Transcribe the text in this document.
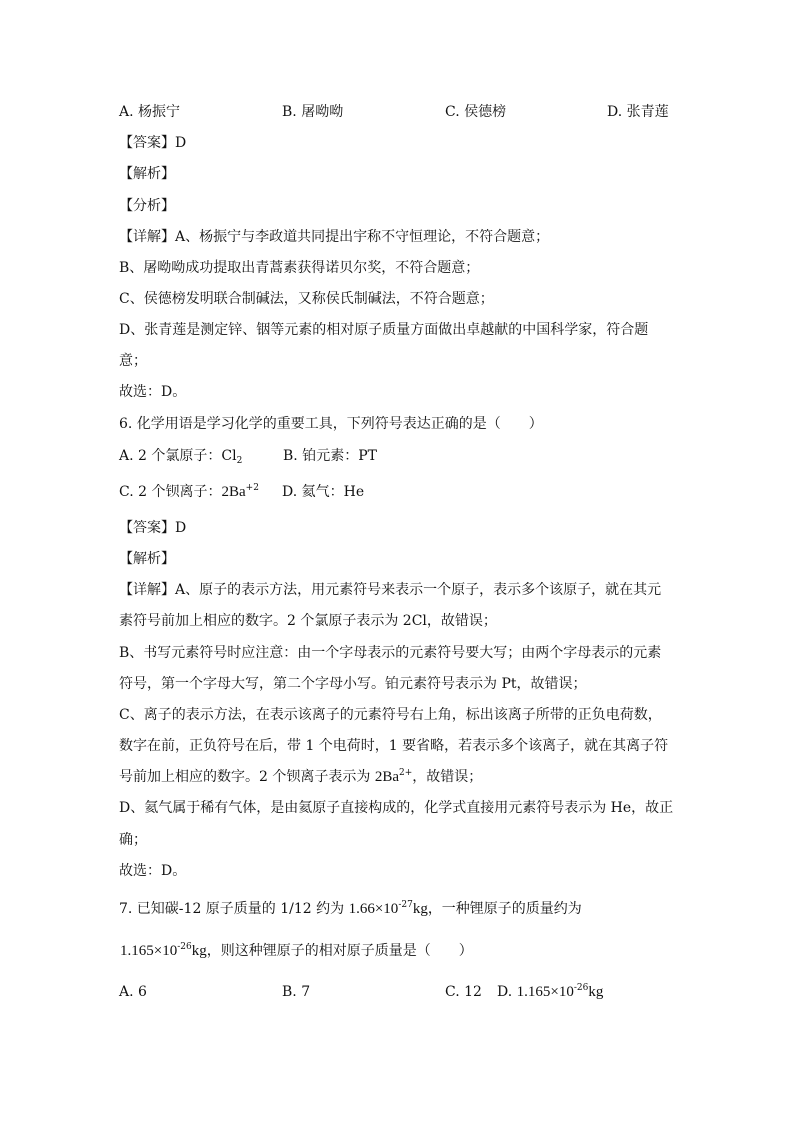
A. 杨振宁	B. 屠呦呦	C. 侯德榜	D. 张青莲
【答案】D
【解析】
【分析】
【详解】A、杨振宁与李政道共同提出宇称不守恒理论，不符合题意；
B、屠呦呦成功提取出青蒿素获得诺贝尔奖，不符合题意；
C、侯德榜发明联合制碱法，又称侯氏制碱法，不符合题意；
D、张青莲是测定锌、铟等元素的相对原子质量方面做出卓越献的中国科学家，符合题
意；
故选：D。
6. 化学用语是学习化学的重要工具，下列符号表达正确的是（　　）
A. 2 个氯原子：$Cl_2$	B. 铂元素：PT
C. 2 个钡离子：$2Ba^{+2}$ D. 氦气：He
【答案】D
【解析】
【详解】A、原子的表示方法，用元素符号来表示一个原子，表示多个该原子，就在其元
素符号前加上相应的数字。2 个氯原子表示为 2Cl，故错误；
B、书写元素符号时应注意：由一个字母表示的元素符号要大写；由两个字母表示的元素
符号，第一个字母大写，第二个字母小写。铂元素符号表示为 Pt，故错误；
C、离子的表示方法，在表示该离子的元素符号右上角，标出该离子所带的正负电荷数，
数字在前，正负符号在后，带 1 个电荷时，1 要省略，若表示多个该离子，就在其离子符
号前加上相应的数字。2 个钡离子表示为 $2Ba^{2+}$，故错误；
D、氦气属于稀有气体，是由氦原子直接构成的，化学式直接用元素符号表示为 He，故正
确；
故选：D。
7. 已知碳-12 原子质量的 1/12 约为 $1.66\times 10^{-27}kg$，一种锂原子的质量约为
$1.165\times 10^{-26}kg$，则这种锂原子的相对原子质量是（　　）
A. 6	B. 7	C. 12 D. $1.165\times 10^{-26}kg$
